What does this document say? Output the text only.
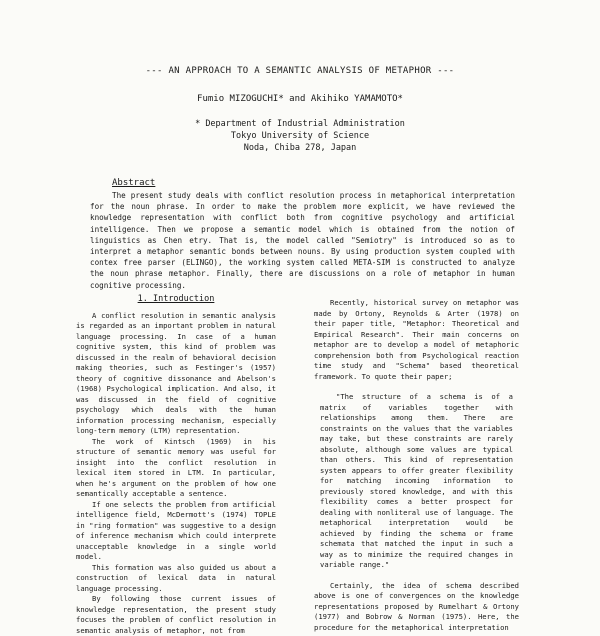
--- AN APPROACH TO A SEMANTIC ANALYSIS OF METAPHOR ---
Fumio MIZOGUCHI* and Akihiko YAMAMOTO*
* Department of Industrial Administration
Tokyo University of Science
Noda, Chiba 278, Japan
Abstract

The present study deals with conflict resolution process in metaphorical interpretation for the noun phrase. In order to make the problem more explicit, we have reviewed the knowledge representation with conflict both from cognitive psychology and artificial intelligence. Then we propose a semantic model which is obtained from the notion of linguistics as Chen etry. That is, the model called "Semiotry" is introduced so as to interpret a metaphor semantic bonds between nouns. By using production system coupled with contex free parser (ELINGO), the working system called META-SIM is constructed to analyze the noun phrase metaphor. Finally, there are discussions on a role of metaphor in human cognitive processing.

1. Introduction

A conflict resolution in semantic analysis is regarded as an important problem in natural language processing. In case of a human cognitive system, this kind of problem was discussed in the realm of behavioral decision making theories, such as Festinger's (1957) theory of cognitive dissonance and Abelson's (1968) Psychological implication. And also, it was discussed in the field of cognitive psychology which deals with the human information processing mechanism, especially long-term memory (LTM) representation.

The work of Kintsch (1969) in his structure of semantic memory was useful for insight into the conflict resolution in lexical item stored in LTM. In particular, when he's argument on the problem of how one semantically acceptable a sentence.

If one selects the problem from artificial intelligence field, McDermott's (1974) TOPLE in "ring formation" was suggestive to a design of inference mechanism which could interprete unacceptable knowledge in a single world model.

This formation was also guided us about a construction of lexical data in natural language processing.

By following those current issues of knowledge representation, the present study focuses the problem of conflict resolution in semantic analysis of metaphor, not from

Recently, historical survey on metaphor was made by Ortony, Reynolds & Arter (1978) on their paper title, "Metaphor: Theoretical and Empirical Research". Their main concerns on metaphor are to develop a model of metaphoric comprehension both from Psychological reaction time study and "Schema" based theoretical framework. To quote their paper;

"The structure of a schema is of a matrix of variables together with relationships among them. There are constraints on the values that the variables may take, but these constraints are rarely absolute, although some values are typical than others. This kind of representation system appears to offer greater flexibility for matching incoming information to previously stored knowledge, and with this flexibility comes a better prospect for dealing with nonliteral use of language. The metaphorical interpretation would be achieved by finding the schema or frame schemata that matched the input in such a way as to minimize the required changes in variable range."

Certainly, the idea of schema described above is one of convergences on the knowledge representations proposed by Rumelhart & Ortony (1977) and Bobrow & Norman (1975). Here, the procedure for the metaphorical interpretation
